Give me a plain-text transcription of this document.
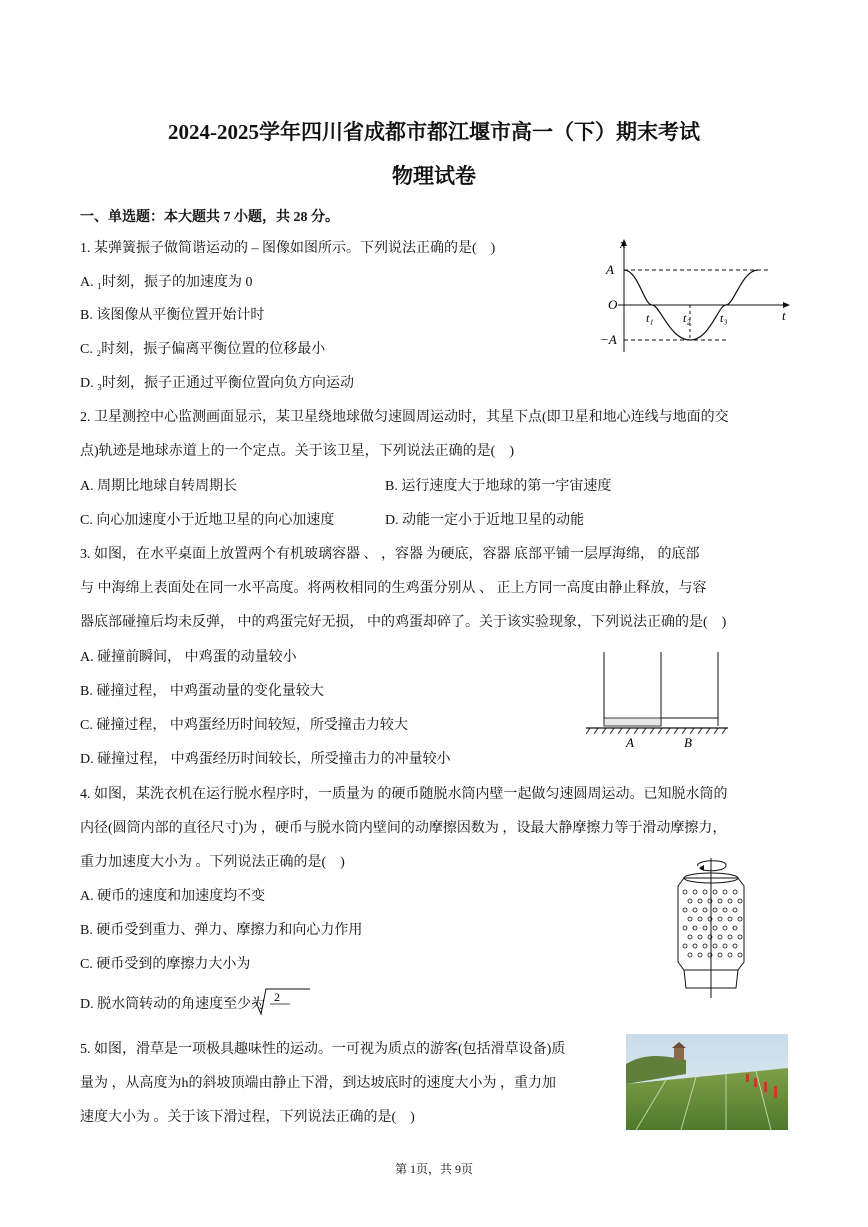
2024-2025学年四川省成都市都江堰市高一（下）期末考试
物理试卷
一、单选题：本大题共 7 小题，共 28 分。
1. 某弹簧振子做简谐运动的 – 图像如图所示。下列说法正确的是(　)
A. ₁时刻，振子的加速度为 0
B. 该图像从平衡位置开始计时
C. ₂时刻，振子偏离平衡位置的位移最小
D. ₃时刻，振子正通过平衡位置向负方向运动
x
A
O
−A
t
t₁ t₂ t₃
2. 卫星测控中心监测画面显示，某卫星绕地球做匀速圆周运动时，其星下点(即卫星和地心连线与地面的交
点)轨迹是地球赤道上的一个定点。关于该卫星，下列说法正确的是(　)
A. 周期比地球自转周期长	B. 运行速度大于地球的第一宇宙速度
C. 向心加速度小于近地卫星的向心加速度	D. 动能一定小于近地卫星的动能
3. 如图，在水平桌面上放置两个有机玻璃容器 、 ，容器 为硬底，容器 底部平铺一层厚海绵， 的底部
与 中海绵上表面处在同一水平高度。将两枚相同的生鸡蛋分别从 、 正上方同一高度由静止释放，与容
器底部碰撞后均未反弹， 中的鸡蛋完好无损， 中的鸡蛋却碎了。关于该实验现象，下列说法正确的是(　)
A. 碰撞前瞬间， 中鸡蛋的动量较小
B. 碰撞过程， 中鸡蛋动量的变化量较大
C. 碰撞过程， 中鸡蛋经历时间较短，所受撞击力较大
D. 碰撞过程， 中鸡蛋经历时间较长，所受撞击力的冲量较小
A	B
4. 如图，某洗衣机在运行脱水程序时，一质量为 的硬币随脱水筒内壁一起做匀速圆周运动。已知脱水筒的
内径(圆筒内部的直径尺寸)为 ，硬币与脱水筒内壁间的动摩擦因数为 ，设最大静摩擦力等于滑动摩擦力，
重力加速度大小为 。下列说法正确的是(　)
A. 硬币的速度和加速度均不变
B. 硬币受到重力、弹力、摩擦力和向心力作用
C. 硬币受到的摩擦力大小为
D. 脱水筒转动的角速度至少为 2
5. 如图，滑草是一项极具趣味性的运动。一可视为质点的游客(包括滑草设备)质
量为 ，从高度为h的斜坡顶端由静止下滑，到达坡底时的速度大小为 ，重力加
速度大小为 。关于该下滑过程，下列说法正确的是(　)
第 1页，共 9页
